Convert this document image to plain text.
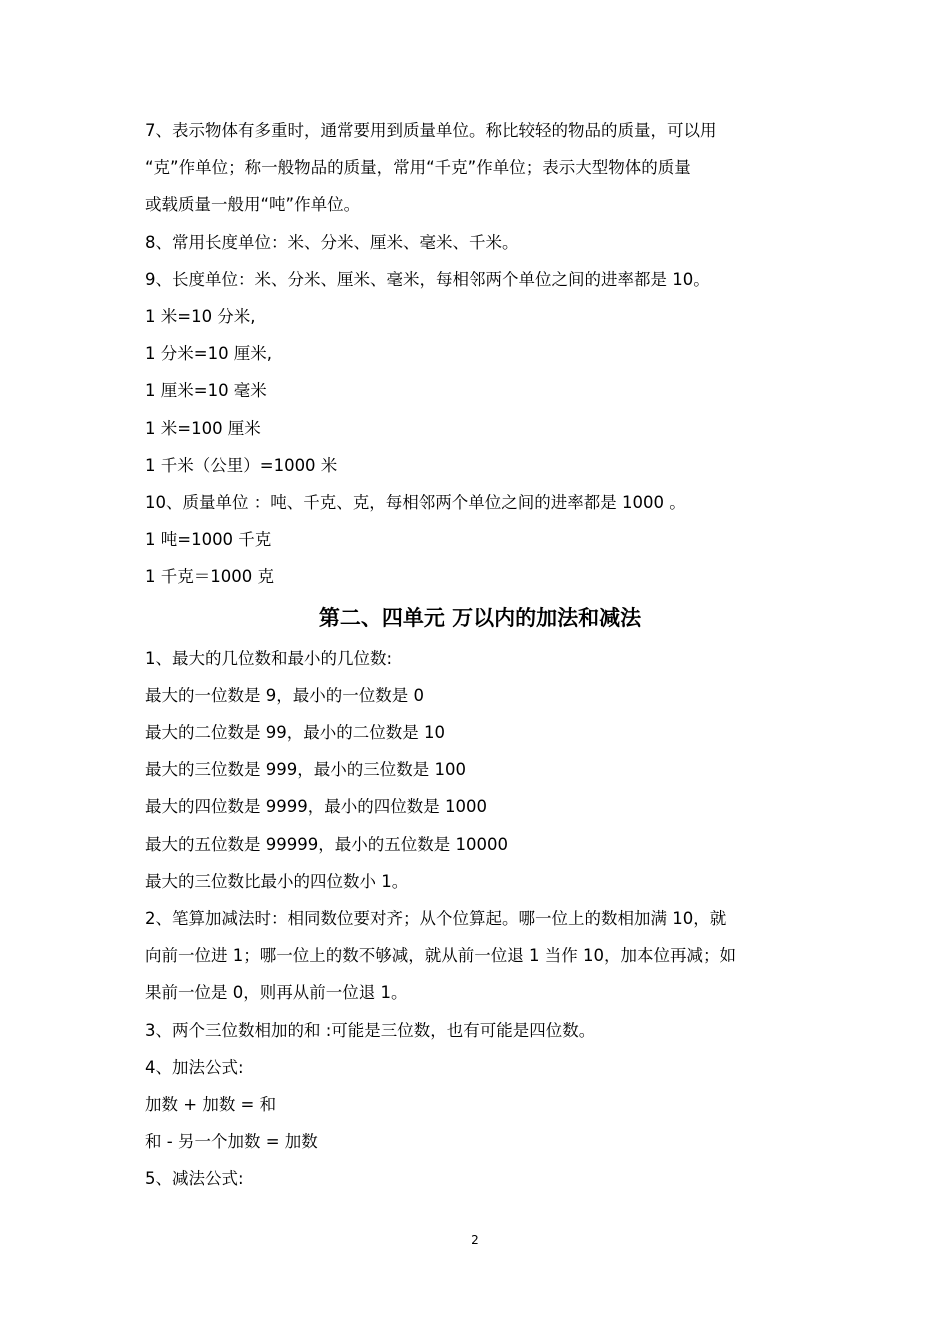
7、表示物体有多重时，通常要用到质量单位。称比较轻的物品的质量，可以用

“克”作单位；称一般物品的质量，常用“千克”作单位；表示大型物体的质量

或载质量一般用“吨”作单位。

8、常用长度单位：米、分米、厘米、毫米、千米。

9、长度单位：米、分米、厘米、毫米，每相邻两个单位之间的进率都是 10。

1 米=10 分米,

1 分米=10 厘米,

1 厘米=10 毫米

1 米=100 厘米

1 千米（公里）=1000 米

10、质量单位 ：吨、千克、克，每相邻两个单位之间的进率都是 1000 。

1 吨=1000 千克

1 千克＝1000 克

第二、四单元 万以内的加法和减法

1、最大的几位数和最小的几位数:

最大的一位数是 9，最小的一位数是 0

最大的二位数是 99，最小的二位数是 10

最大的三位数是 999，最小的三位数是 100

最大的四位数是 9999，最小的四位数是 1000

最大的五位数是 99999，最小的五位数是 10000

最大的三位数比最小的四位数小 1。

2、笔算加减法时：相同数位要对齐；从个位算起。哪一位上的数相加满 10，就

向前一位进 1；哪一位上的数不够减，就从前一位退 1 当作 10，加本位再减；如

果前一位是 0，则再从前一位退 1。

3、两个三位数相加的和 :可能是三位数，也有可能是四位数。

4、加法公式:

加数 + 加数 = 和

和 - 另一个加数 = 加数

5、减法公式:

2
